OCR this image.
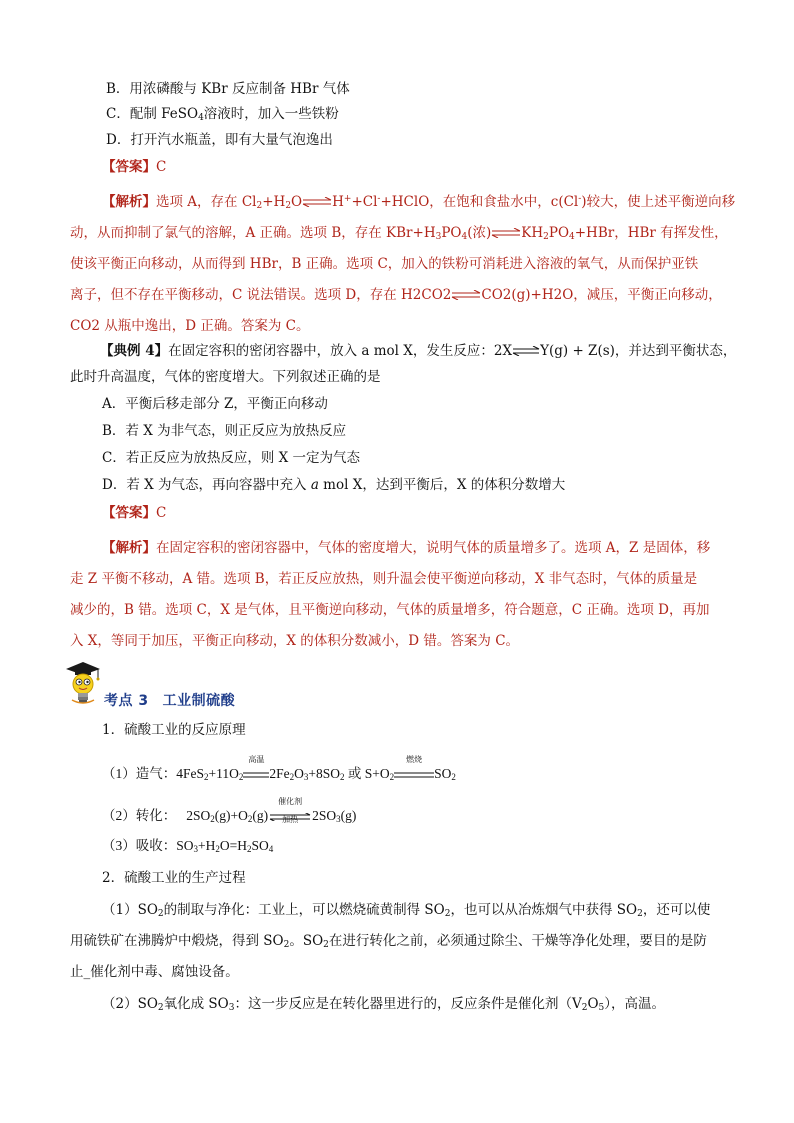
B．用浓磷酸与 KBr 反应制备 HBr 气体
C．配制 FeSO$_4$溶液时，加入一些铁粉
D．打开汽水瓶盖，即有大量气泡逸出
【答案】C
【解析】选项 A，存在 $Cl_2+H_2O\rightleftharpoons H^++Cl^-+HClO$，在饱和食盐水中，c(Cl-)较大，使上述平衡逆向移
动，从而抑制了氯气的溶解，A 正确。选项 B，存在 $KBr+H_3PO_4$(浓)$\rightleftharpoons KH_2PO_4+HBr$，HBr 有挥发性，
使该平衡正向移动，从而得到 HBr，B 正确。选项 C，加入的铁粉可消耗进入溶液的氧气，从而保护亚铁
离子，但不存在平衡移动，C 说法错误。选项 D，存在 H2CO2⇌CO2(g)+H2O，减压，平衡正向移动，
CO2 从瓶中逸出，D 正确。答案为 C。
【典例 4】在固定容积的密闭容器中，放入 a mol X，发生反应：2X⇌Y(g) + Z(s)，并达到平衡状态，
此时升高温度，气体的密度增大。下列叙述正确的是
A．平衡后移走部分 Z，平衡正向移动
B．若 X 为非气态，则正反应为放热反应
C．若正反应为放热反应，则 X 一定为气态
D．若 X 为气态，再向容器中充入 a mol X，达到平衡后，X 的体积分数增大
【答案】C
【解析】在固定容积的密闭容器中，气体的密度增大，说明气体的质量增多了。选项 A，Z 是固体，移
走 Z 平衡不移动，A 错。选项 B，若正反应放热，则升温会使平衡逆向移动，X 非气态时，气体的质量是
减少的，B 错。选项 C，X 是气体，且平衡逆向移动，气体的质量增多，符合题意，C 正确。选项 D，再加
入 X，等同于加压，平衡正向移动，X 的体积分数减小，D 错。答案为 C。
考点 3 工业制硫酸
1．硫酸工业的反应原理
（1）造气：$4FeS_2+11O_2$
高温
$2Fe_2O_3+8SO_2$ 或 $S+O_2$
燃烧
$SO_2$
（2）转化： $2SO_2(g)+O_2(g)$
催化剂
加热	$2SO_3(g)$
（3）吸收：$SO_3+H_2O=H_2SO_4$
2．硫酸工业的生产过程
$(1)SO_2$的制取与净化：工业上，可以燃烧硫黄制得 $SO_2$，也可以从冶炼烟气中获得 $SO_2$，还可以使
用硫铁矿在沸腾炉中煅烧，得到 $SO_2$。$SO_2$在进行转化之前，必须通过除尘、干燥等净化处理，要目的是防
止_催化剂中毒、腐蚀设备。
$(2)SO_2$氧化成 $SO_3$：这一步反应是在转化器里进行的，反应条件是催化剂$(V_2O_5)$，高温。
